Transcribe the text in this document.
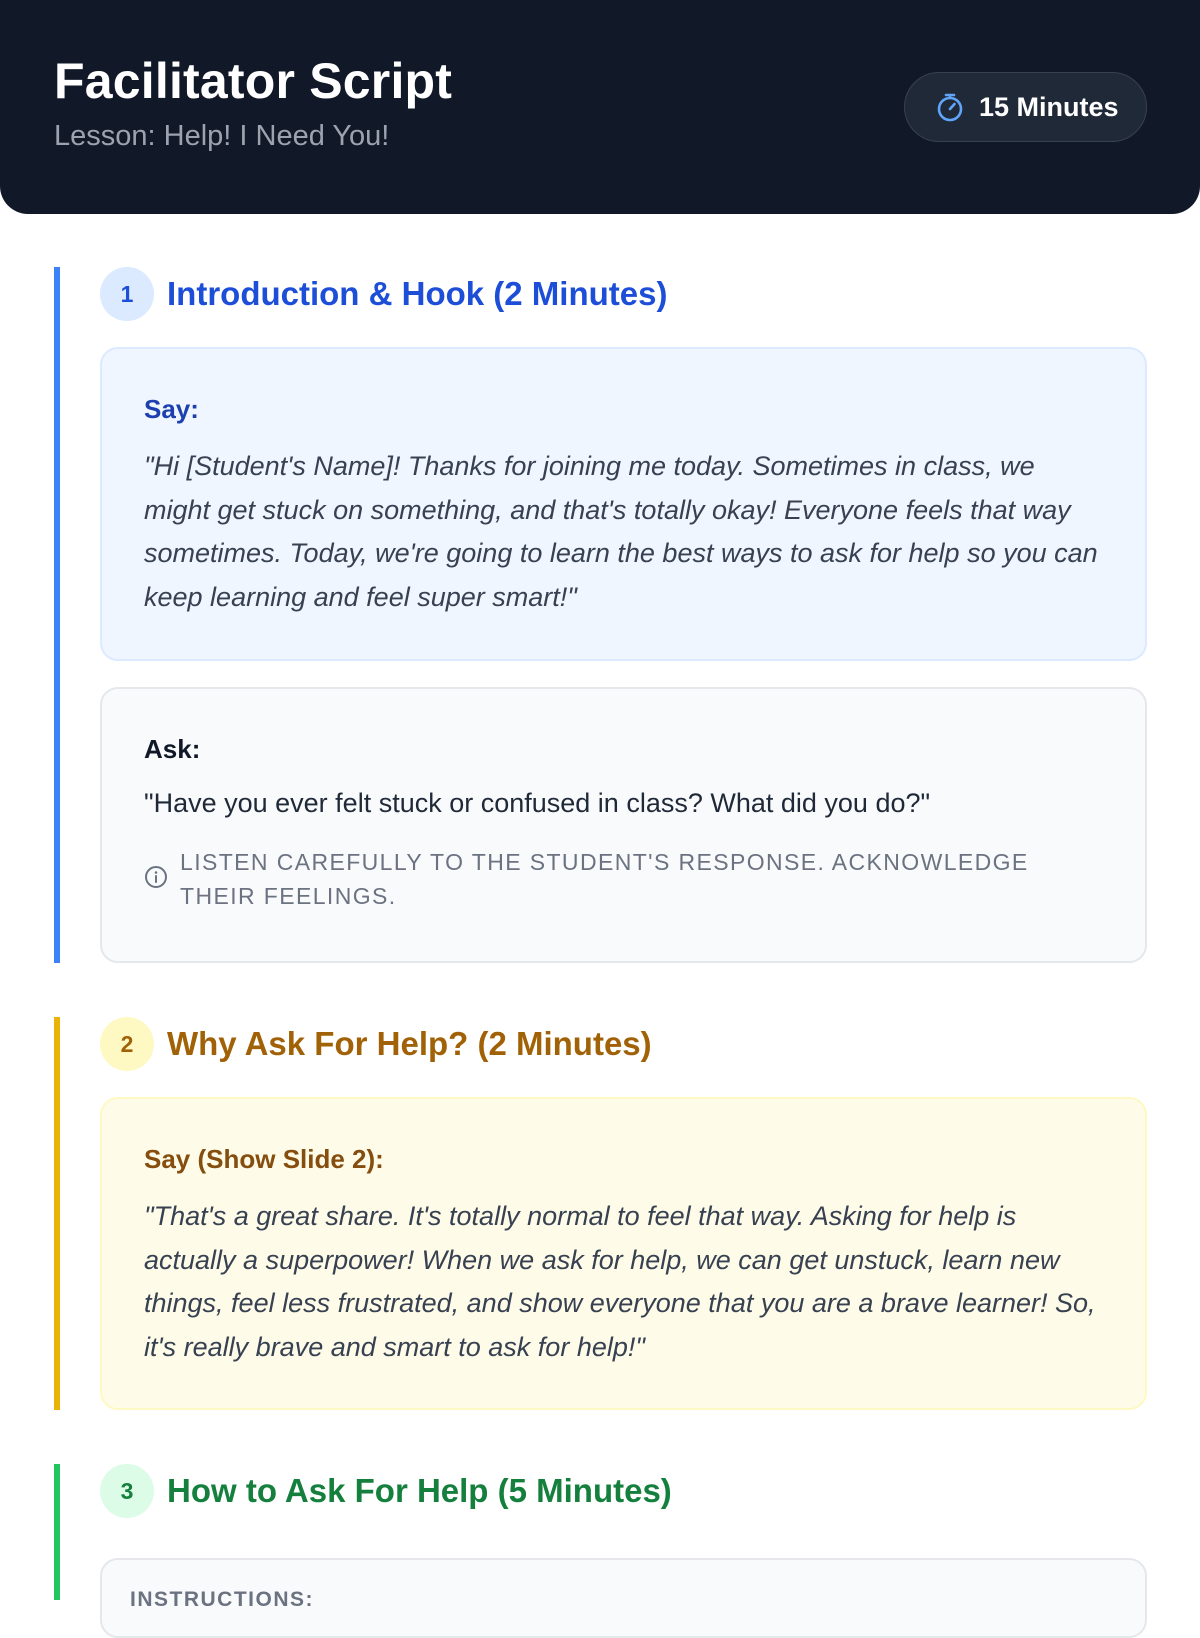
Facilitator Script
Lesson: Help! I Need You!
15 Minutes
1	Introduction & Hook (2 Minutes)
Say:
"Hi [Student's Name]! Thanks for joining me today. Sometimes in class, we might get stuck on something, and that's totally okay! Everyone feels that way sometimes. Today, we're going to learn the best ways to ask for help so you can keep learning and feel super smart!"
Ask:
"Have you ever felt stuck or confused in class? What did you do?"
LISTEN CAREFULLY TO THE STUDENT'S RESPONSE. ACKNOWLEDGE THEIR FEELINGS.
2	Why Ask For Help? (2 Minutes)
Say (Show Slide 2):
"That's a great share. It's totally normal to feel that way. Asking for help is actually a superpower! When we ask for help, we can get unstuck, learn new things, feel less frustrated, and show everyone that you are a brave learner! So, it's really brave and smart to ask for help!"
3	How to Ask For Help (5 Minutes)
INSTRUCTIONS:
